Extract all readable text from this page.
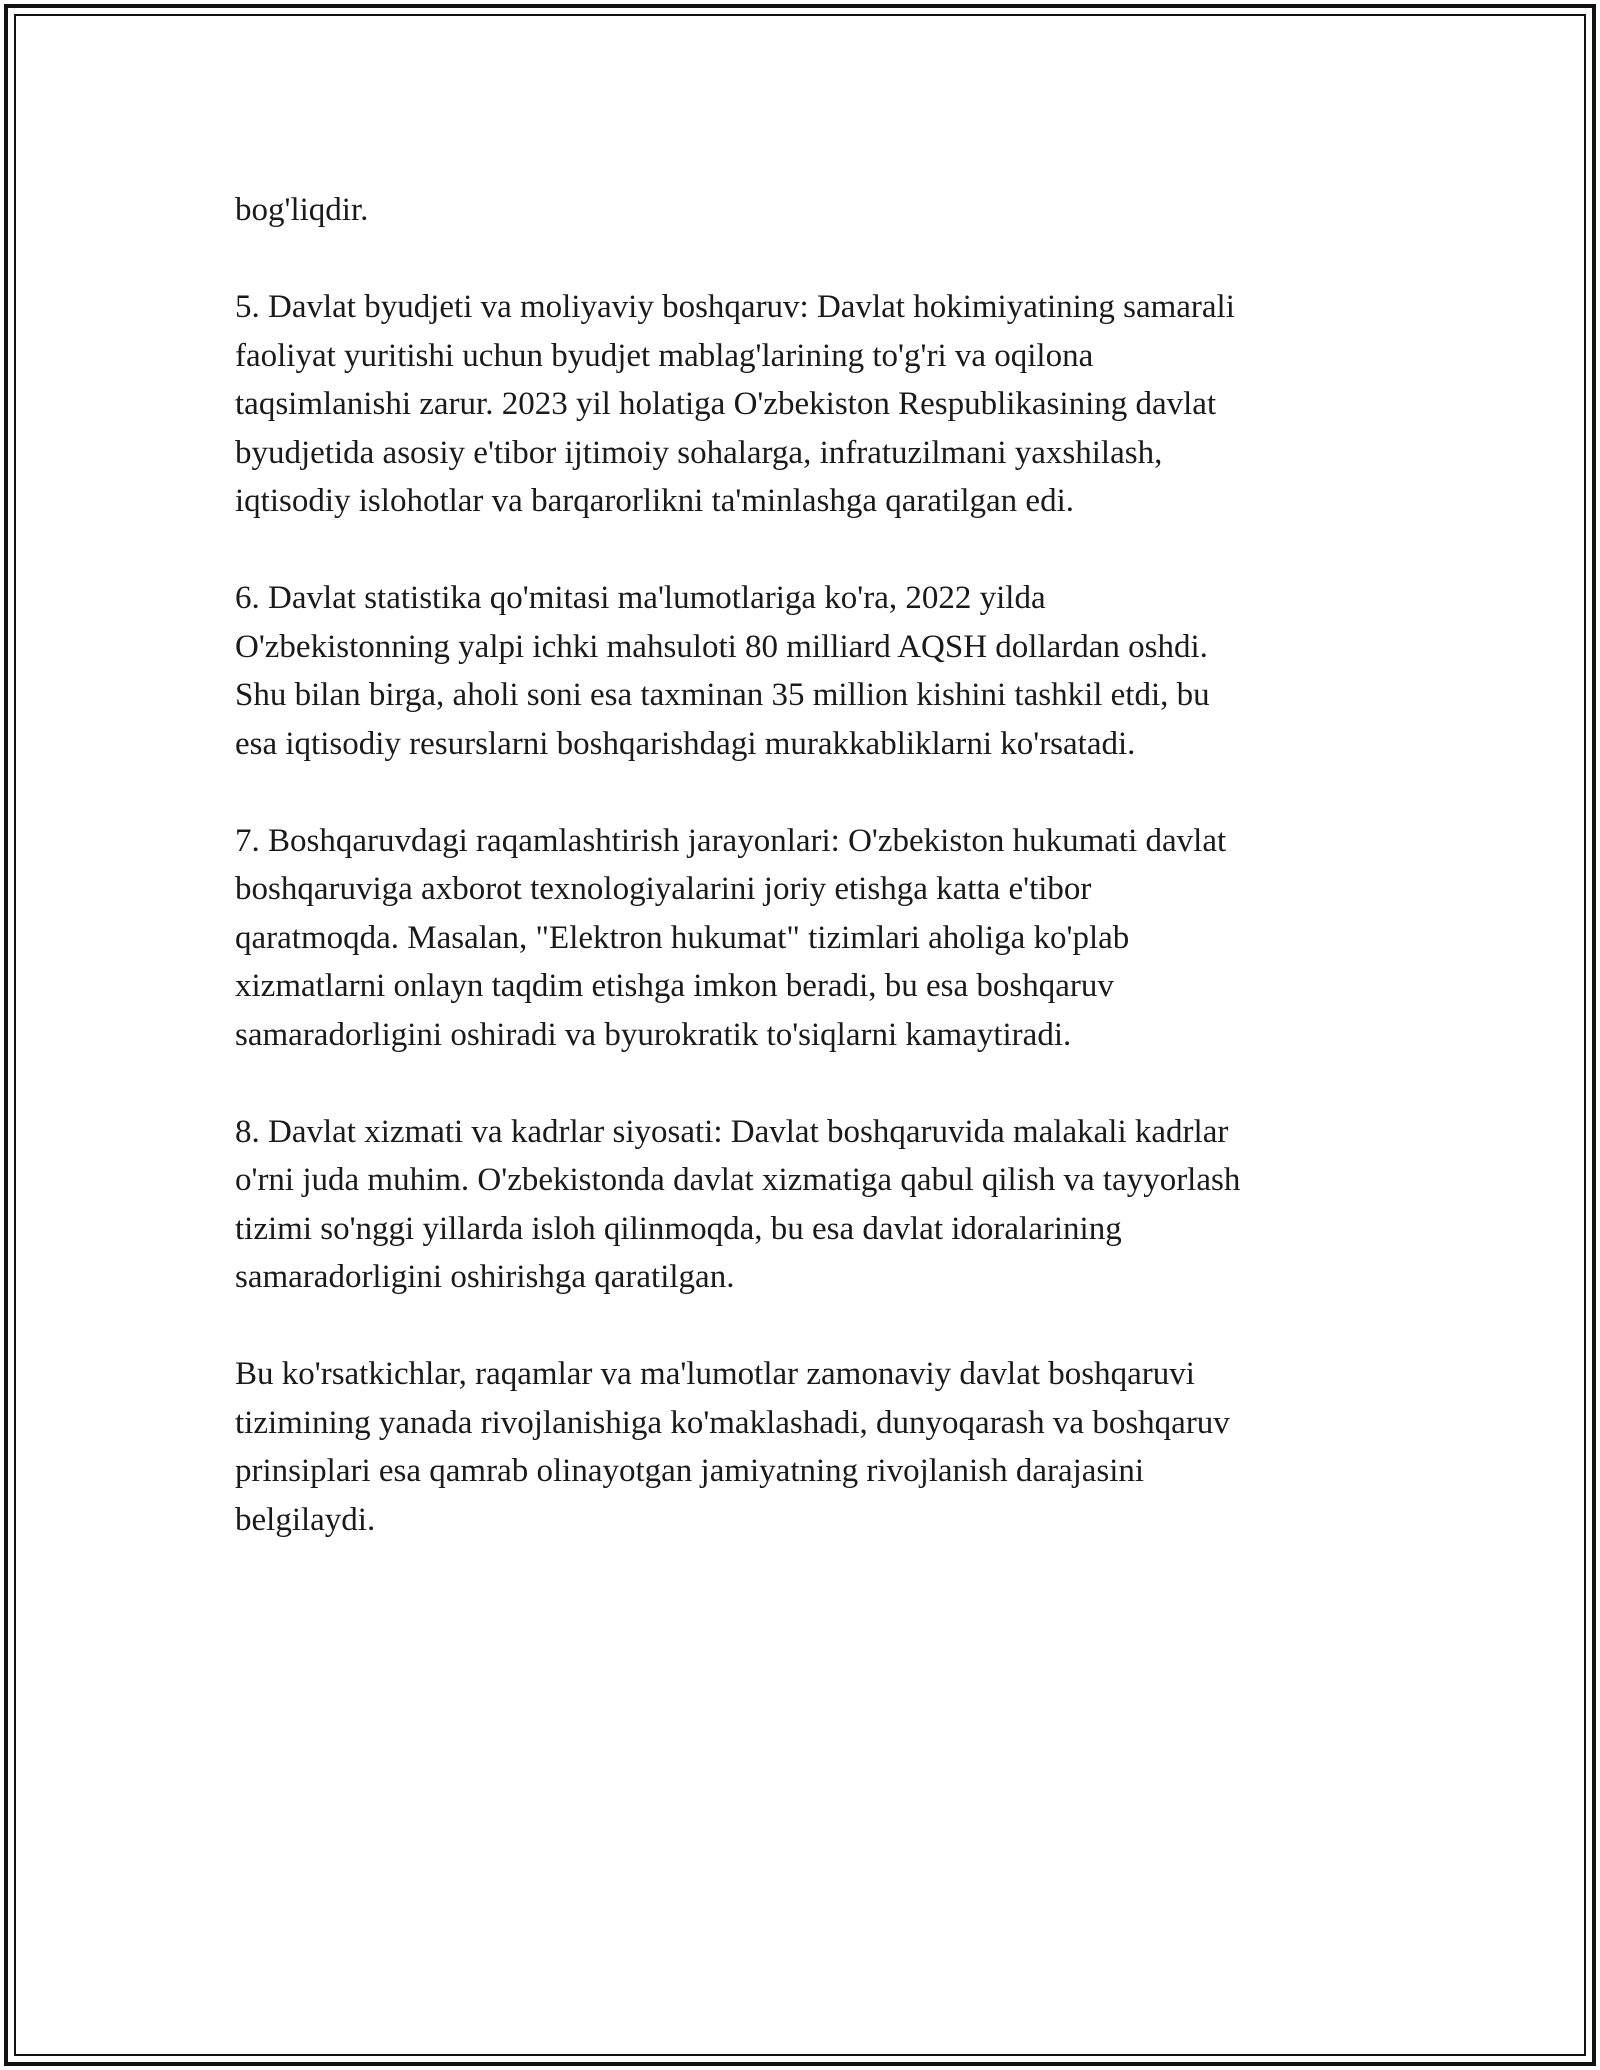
bog'liqdir.

5. Davlat byudjeti va moliyaviy boshqaruv: Davlat hokimiyatining samarali
faoliyat yuritishi uchun byudjet mablag'larining to'g'ri va oqilona
taqsimlanishi zarur. 2023 yil holatiga O'zbekiston Respublikasining davlat
byudjetida asosiy e'tibor ijtimoiy sohalarga, infratuzilmani yaxshilash,
iqtisodiy islohotlar va barqarorlikni ta'minlashga qaratilgan edi.

6. Davlat statistika qo'mitasi ma'lumotlariga ko'ra, 2022 yilda
O'zbekistonning yalpi ichki mahsuloti 80 milliard AQSH dollardan oshdi.
Shu bilan birga, aholi soni esa taxminan 35 million kishini tashkil etdi, bu
esa iqtisodiy resurslarni boshqarishdagi murakkabliklarni ko'rsatadi.

7. Boshqaruvdagi raqamlashtirish jarayonlari: O'zbekiston hukumati davlat
boshqaruviga axborot texnologiyalarini joriy etishga katta e'tibor
qaratmoqda. Masalan, "Elektron hukumat" tizimlari aholiga ko'plab
xizmatlarni onlayn taqdim etishga imkon beradi, bu esa boshqaruv
samaradorligini oshiradi va byurokratik to'siqlarni kamaytiradi.

8. Davlat xizmati va kadrlar siyosati: Davlat boshqaruvida malakali kadrlar
o'rni juda muhim. O'zbekistonda davlat xizmatiga qabul qilish va tayyorlash
tizimi so'nggi yillarda isloh qilinmoqda, bu esa davlat idoralarining
samaradorligini oshirishga qaratilgan.

Bu ko'rsatkichlar, raqamlar va ma'lumotlar zamonaviy davlat boshqaruvi
tizimining yanada rivojlanishiga ko'maklashadi, dunyoqarash va boshqaruv
prinsiplari esa qamrab olinayotgan jamiyatning rivojlanish darajasini
belgilaydi.
